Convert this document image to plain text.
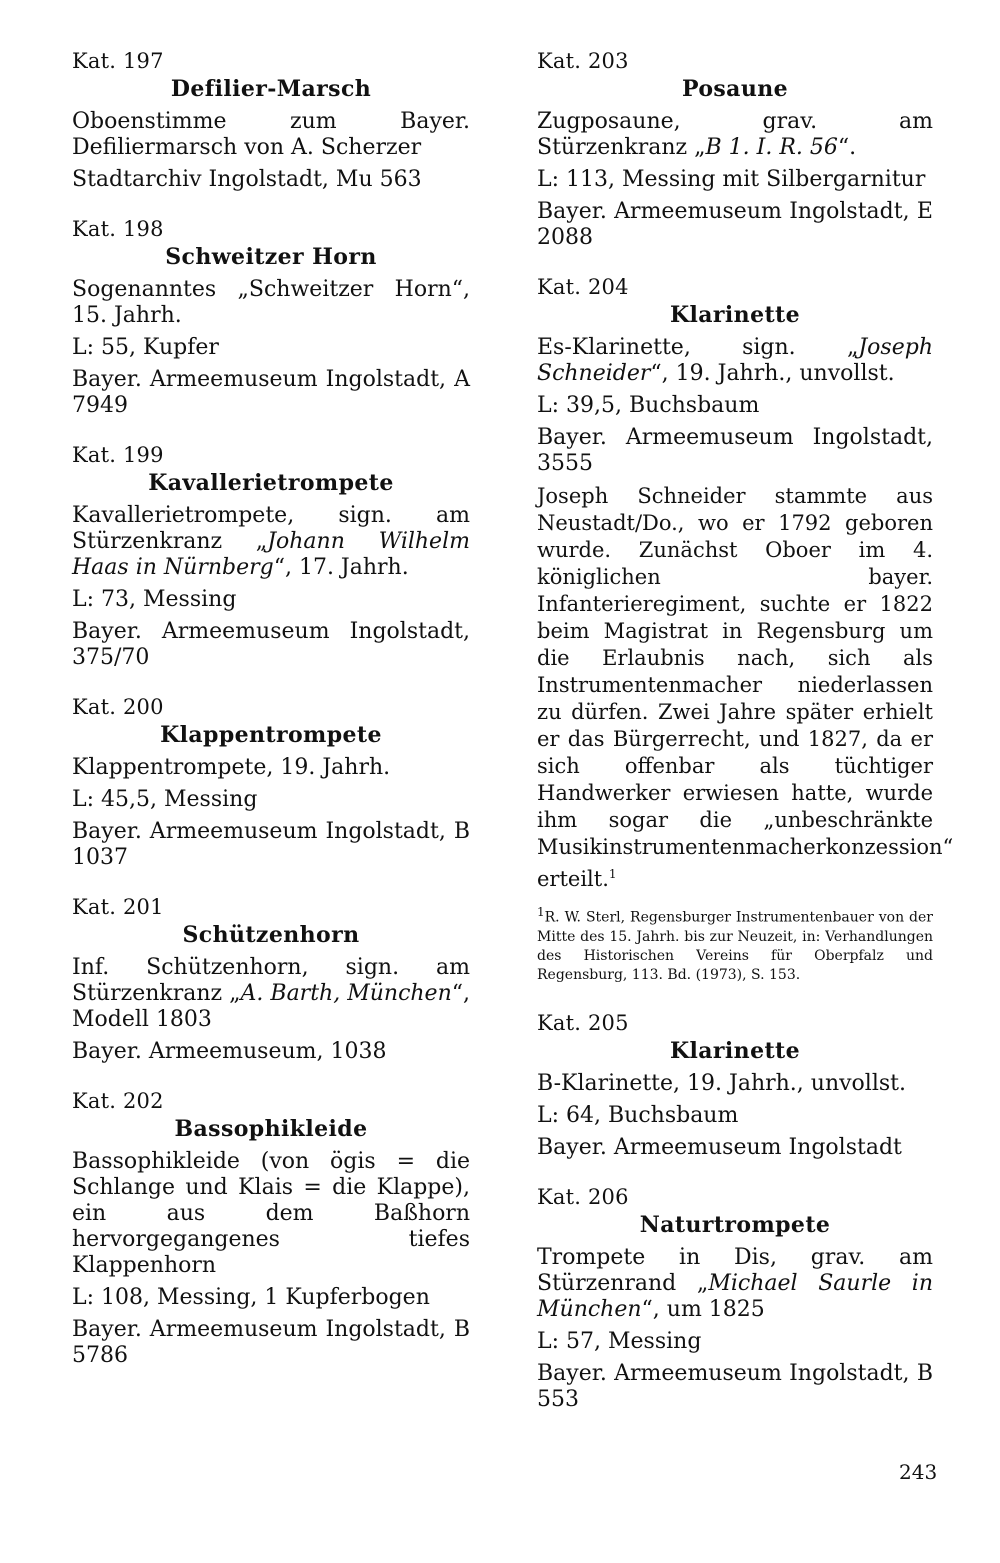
Kat. 197
Defilier-Marsch
Oboenstimme zum Bayer. Defiliermarsch von A. Scherzer
Stadtarchiv Ingolstadt, Mu 563
Kat. 198
Schweitzer Horn
Sogenanntes „Schweitzer Horn“, 15. Jahrh.
L: 55, Kupfer
Bayer. Armeemuseum Ingolstadt, A 7949
Kat. 199
Kavallerietrompete
Kavallerietrompete, sign. am Stürzenkranz „Johann Wilhelm Haas in Nürnberg“, 17. Jahrh.
L: 73, Messing
Bayer. Armeemuseum Ingolstadt, 375/70
Kat. 200
Klappentrompete
Klappentrompete, 19. Jahrh.
L: 45,5, Messing
Bayer. Armeemuseum Ingolstadt, B 1037
Kat. 201
Schützenhorn
Inf. Schützenhorn, sign. am Stürzenkranz „A. Barth, München“, Modell 1803
Bayer. Armeemuseum, 1038
Kat. 202
Bassophikleide
Bassophikleide (von ögis = die Schlange und Klais = die Klappe), ein aus dem Baßhorn hervorgegangenes tiefes Klappenhorn
L: 108, Messing, 1 Kupferbogen
Bayer. Armeemuseum Ingolstadt, B 5786
Kat. 203
Posaune
Zugposaune, grav. am Stürzenkranz „B 1. I. R. 56“.
L: 113, Messing mit Silbergarnitur
Bayer. Armeemuseum Ingolstadt, E 2088
Kat. 204
Klarinette
Es-Klarinette, sign. „Joseph Schneider“, 19. Jahrh., unvollst.
L: 39,5, Buchsbaum
Bayer. Armeemuseum Ingolstadt, 3555
Joseph Schneider stammte aus Neustadt/Do., wo er 1792 geboren wurde. Zunächst Oboer im 4. königlichen bayer. Infanterieregiment, suchte er 1822 beim Magistrat in Regensburg um die Erlaubnis nach, sich als Instrumentenmacher niederlassen zu dürfen. Zwei Jahre später erhielt er das Bürgerrecht, und 1827, da er sich offenbar als tüchtiger Handwerker erwiesen hatte, wurde ihm sogar die „unbeschränkte Musikinstrumentenmacherkonzession“ erteilt.$^1$
$^1$R. W. Sterl, Regensburger Instrumentenbauer von der Mitte des 15. Jahrh. bis zur Neuzeit, in: Verhandlungen des Historischen Vereins für Oberpfalz und Regensburg, 113. Bd. (1973), S. 153.
Kat. 205
Klarinette
B-Klarinette, 19. Jahrh., unvollst.
L: 64, Buchsbaum
Bayer. Armeemuseum Ingolstadt
Kat. 206
Naturtrompete
Trompete in Dis, grav. am Stürzenrand „Michael Saurle in München“, um 1825
L: 57, Messing
Bayer. Armeemuseum Ingolstadt, B 553
243
